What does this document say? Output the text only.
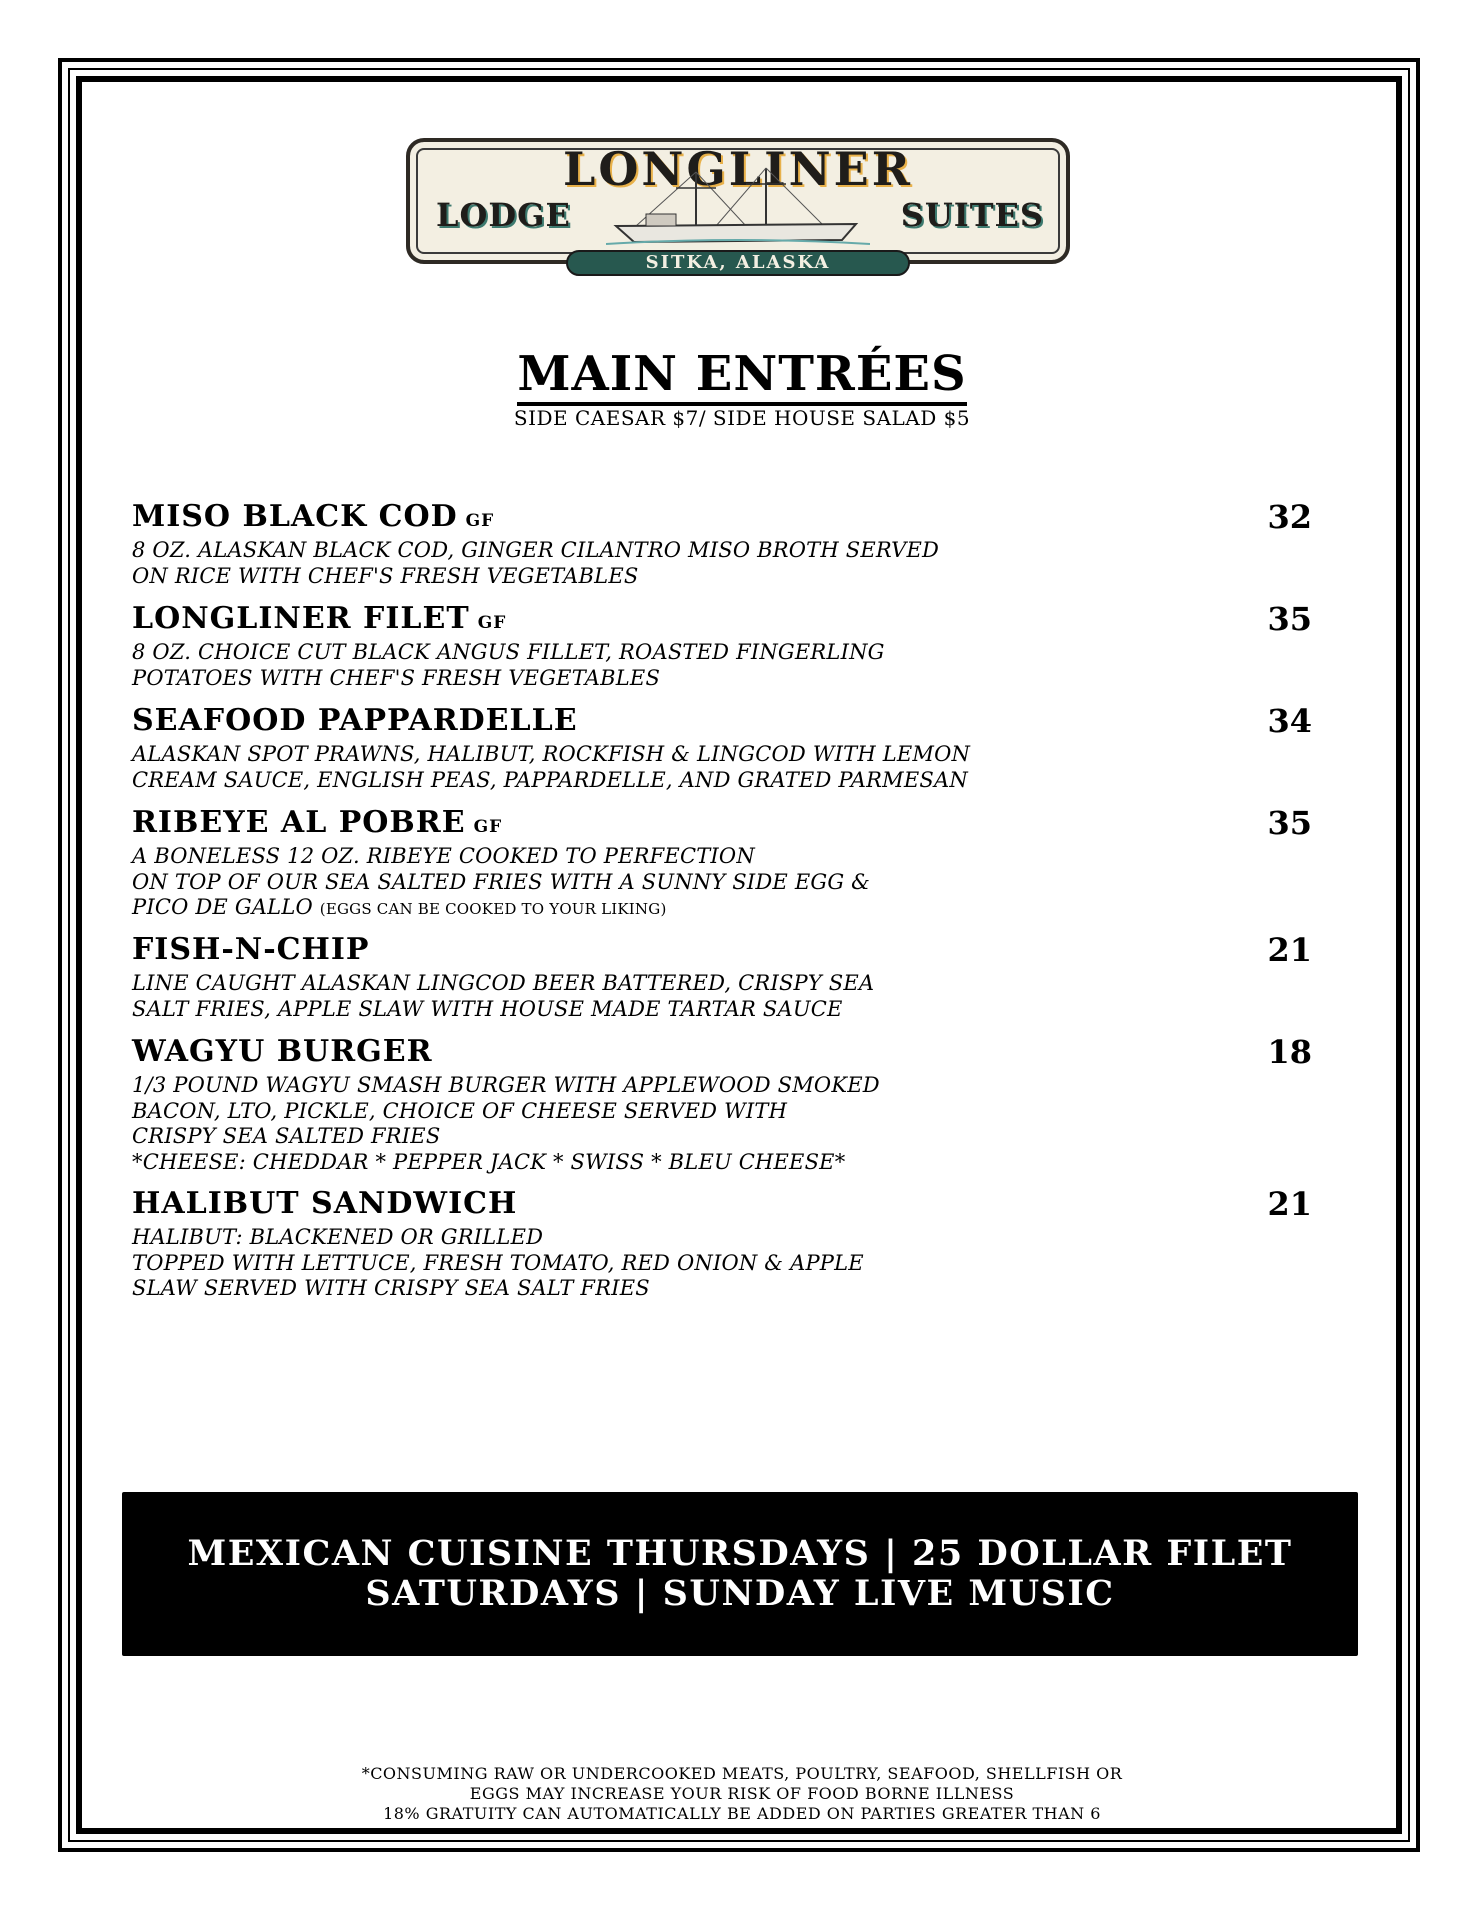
LONGLINER
LODGE	SUITES
SITKA, ALASKA
MAIN ENTRÉES
SIDE CAESAR $7/ SIDE HOUSE SALAD $5
MISO BLACK COD GF	32
8 OZ. ALASKAN BLACK COD, GINGER CILANTRO MISO BROTH SERVED
ON RICE WITH CHEF'S FRESH VEGETABLES
LONGLINER FILET GF	35
8 OZ. CHOICE CUT BLACK ANGUS FILLET, ROASTED FINGERLING
POTATOES WITH CHEF'S FRESH VEGETABLES
SEAFOOD PAPPARDELLE	34
ALASKAN SPOT PRAWNS, HALIBUT, ROCKFISH & LINGCOD WITH LEMON
CREAM SAUCE, ENGLISH PEAS, PAPPARDELLE, AND GRATED PARMESAN
RIBEYE AL POBRE GF	35
A BONELESS 12 OZ. RIBEYE COOKED TO PERFECTION
ON TOP OF OUR SEA SALTED FRIES WITH A SUNNY SIDE EGG &
PICO DE GALLO (EGGS CAN BE COOKED TO YOUR LIKING)
FISH-N-CHIP	21
LINE CAUGHT ALASKAN LINGCOD BEER BATTERED, CRISPY SEA
SALT FRIES, APPLE SLAW WITH HOUSE MADE TARTAR SAUCE
WAGYU BURGER	18
1/3 POUND WAGYU SMASH BURGER WITH APPLEWOOD SMOKED
BACON, LTO, PICKLE, CHOICE OF CHEESE SERVED WITH
CRISPY SEA SALTED FRIES
*CHEESE: CHEDDAR * PEPPER JACK * SWISS * BLEU CHEESE*
HALIBUT SANDWICH	21
HALIBUT: BLACKENED OR GRILLED
TOPPED WITH LETTUCE, FRESH TOMATO, RED ONION & APPLE
SLAW SERVED WITH CRISPY SEA SALT FRIES
MEXICAN CUISINE THURSDAYS | 25 DOLLAR FILET SATURDAYS | SUNDAY LIVE MUSIC
*CONSUMING RAW OR UNDERCOOKED MEATS, POULTRY, SEAFOOD, SHELLFISH OR
EGGS MAY INCREASE YOUR RISK OF FOOD BORNE ILLNESS
18% GRATUITY CAN AUTOMATICALLY BE ADDED ON PARTIES GREATER THAN 6
